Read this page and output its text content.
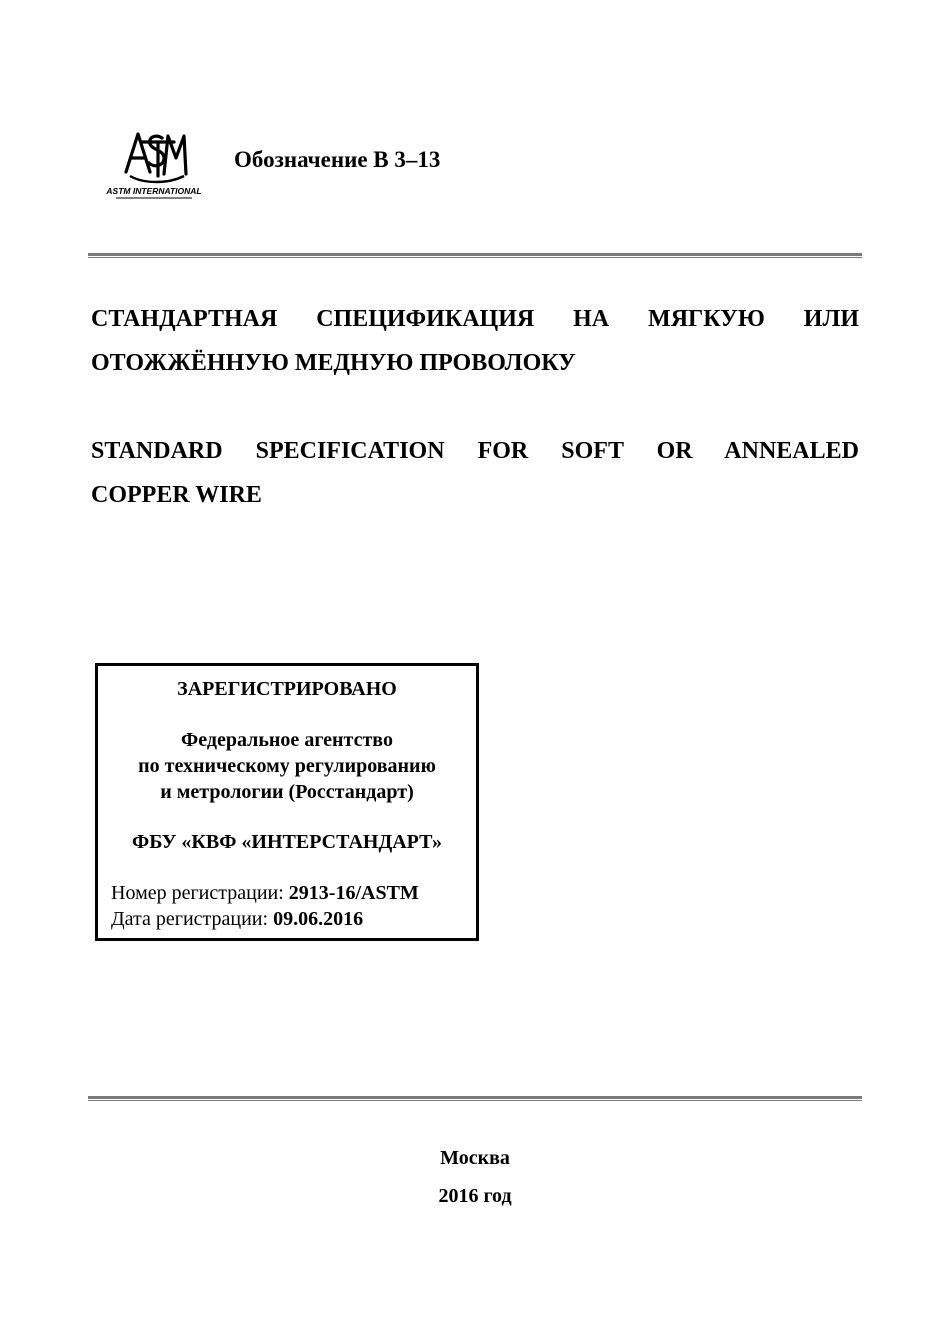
ASTM INTERNATIONAL
Обозначение В 3–13
СТАНДАРТНАЯ СПЕЦИФИКАЦИЯ НА МЯГКУЮ ИЛИ
ОТОЖЖЁННУЮ МЕДНУЮ ПРОВОЛОКУ
STANDARD SPECIFICATION FOR SOFT OR ANNEALED
COPPER WIRE
ЗАРЕГИСТРИРОВАНО
Федеральное агентство
по техническому регулированию
и метрологии (Росстандарт)
ФБУ «КВФ «ИНТЕРСТАНДАРТ»
Номер регистрации: 2913-16/ASTM
Дата регистрации: 09.06.2016
Москва
2016 год
